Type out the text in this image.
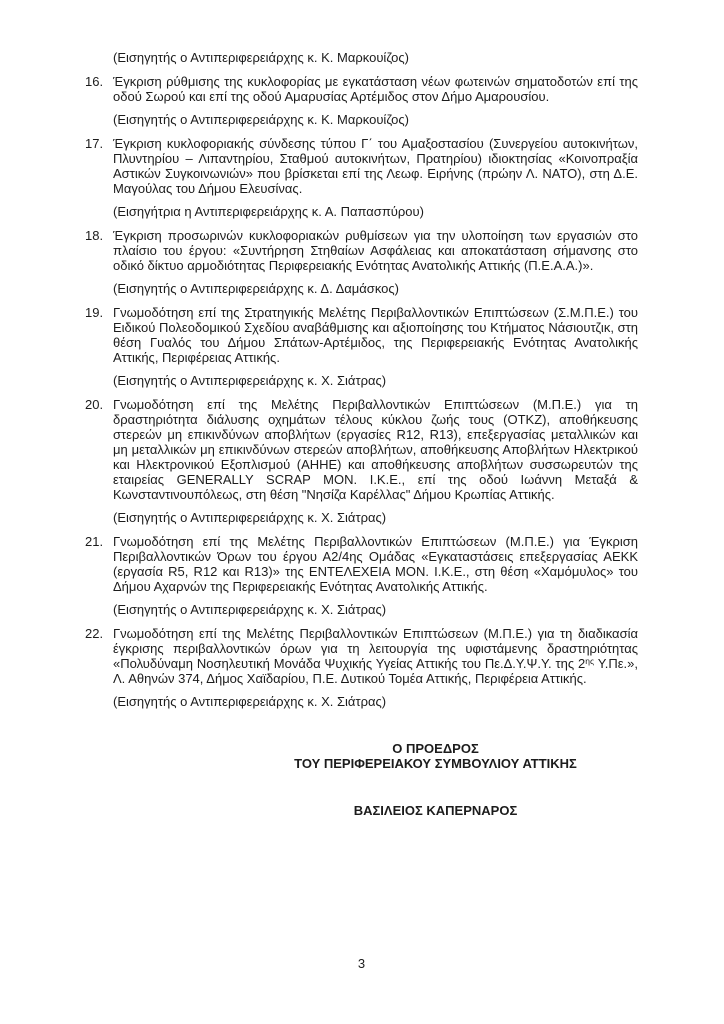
(Εισηγητής ο Αντιπεριφερειάρχης κ. Κ. Μαρκουίζος)

16. Έγκριση ρύθμισης της κυκλοφορίας με εγκατάσταση νέων φωτεινών σηματοδοτών επί της οδού Σωρού και επί της οδού Αμαρυσίας Αρτέμιδος στον Δήμο Αμαρουσίου.

(Εισηγητής ο Αντιπεριφερειάρχης κ. Κ. Μαρκουίζος)

17. Έγκριση κυκλοφοριακής σύνδεσης τύπου Γ΄ του Αμαξοστασίου (Συνεργείου αυτοκινήτων, Πλυντηρίου – Λιπαντηρίου, Σταθμού αυτοκινήτων, Πρατηρίου) ιδιοκτησίας «Κοινοπραξία Αστικών Συγκοινωνιών» που βρίσκεται επί της Λεωφ. Ειρήνης (πρώην Λ. ΝΑΤΟ), στη Δ.Ε. Μαγούλας του Δήμου Ελευσίνας.

(Εισηγήτρια η Αντιπεριφερειάρχης κ. Α. Παπασπύρου)

18. Έγκριση προσωρινών κυκλοφοριακών ρυθμίσεων για την υλοποίηση των εργασιών στο πλαίσιο του έργου: «Συντήρηση Στηθαίων Ασφάλειας και αποκατάσταση σήμανσης στο οδικό δίκτυο αρμοδιότητας Περιφερειακής Ενότητας Ανατολικής Αττικής (Π.Ε.Α.Α.)».

(Εισηγητής ο Αντιπεριφερειάρχης κ. Δ. Δαμάσκος)

19. Γνωμοδότηση επί της Στρατηγικής Μελέτης Περιβαλλοντικών Επιπτώσεων (Σ.Μ.Π.Ε.) του Ειδικού Πολεοδομικού Σχεδίου αναβάθμισης και αξιοποίησης του Κτήματος Νάσιουτζικ, στη θέση Γυαλός του Δήμου Σπάτων-Αρτέμιδος, της Περιφερειακής Ενότητας Ανατολικής Αττικής, Περιφέρειας Αττικής.

(Εισηγητής ο Αντιπεριφερειάρχης κ. Χ. Σιάτρας)

20. Γνωμοδότηση επί της Μελέτης Περιβαλλοντικών Επιπτώσεων (Μ.Π.Ε.) για τη δραστηριότητα διάλυσης οχημάτων τέλους κύκλου ζωής τους (ΟΤΚΖ), αποθήκευσης στερεών μη επικινδύνων αποβλήτων (εργασίες R12, R13), επεξεργασίας μεταλλικών και μη μεταλλικών μη επικινδύνων στερεών αποβλήτων, αποθήκευσης Αποβλήτων Ηλεκτρικού και Ηλεκτρονικού Εξοπλισμού (ΑΗΗΕ) και αποθήκευσης αποβλήτων συσσωρευτών της εταιρείας GENERALLY SCRAP MON. Ι.Κ.Ε., επί της οδού Ιωάννη Μεταξά & Κωνσταντινουπόλεως, στη θέση "Νησίζα Καρέλλας" Δήμου Κρωπίας Αττικής.

(Εισηγητής ο Αντιπεριφερειάρχης κ. Χ. Σιάτρας)

21. Γνωμοδότηση επί της Μελέτης Περιβαλλοντικών Επιπτώσεων (Μ.Π.Ε.) για Έγκριση Περιβαλλοντικών Όρων του έργου Α2/4ης Ομάδας «Εγκαταστάσεις επεξεργασίας ΑΕΚΚ (εργασία R5, R12 και R13)» της ΕΝΤΕΛΕΧΕΙΑ ΜΟΝ. Ι.Κ.Ε., στη θέση «Χαμόμυλος» του Δήμου Αχαρνών της Περιφερειακής Ενότητας Ανατολικής Αττικής.

(Εισηγητής ο Αντιπεριφερειάρχης κ. Χ. Σιάτρας)

22. Γνωμοδότηση επί της Μελέτης Περιβαλλοντικών Επιπτώσεων (Μ.Π.Ε.) για τη διαδικασία έγκρισης περιβαλλοντικών όρων για τη λειτουργία της υφιστάμενης δραστηριότητας «Πολυδύναμη Νοσηλευτική Μονάδα Ψυχικής Υγείας Αττικής του Πε.Δ.Υ.Ψ.Υ. της $2^{\eta\varsigma}$ Υ.Πε.», Λ. Αθηνών 374, Δήμος Χαϊδαρίου, Π.Ε. Δυτικού Τομέα Αττικής, Περιφέρεια Αττικής.

(Εισηγητής ο Αντιπεριφερειάρχης κ. Χ. Σιάτρας)

Ο ΠΡΟΕΔΡΟΣ

ΤΟΥ ΠΕΡΙΦΕΡΕΙΑΚΟΥ ΣΥΜΒΟΥΛΙΟΥ ΑΤΤΙΚΗΣ

ΒΑΣΙΛΕΙΟΣ ΚΑΠΕΡΝΑΡΟΣ

3
